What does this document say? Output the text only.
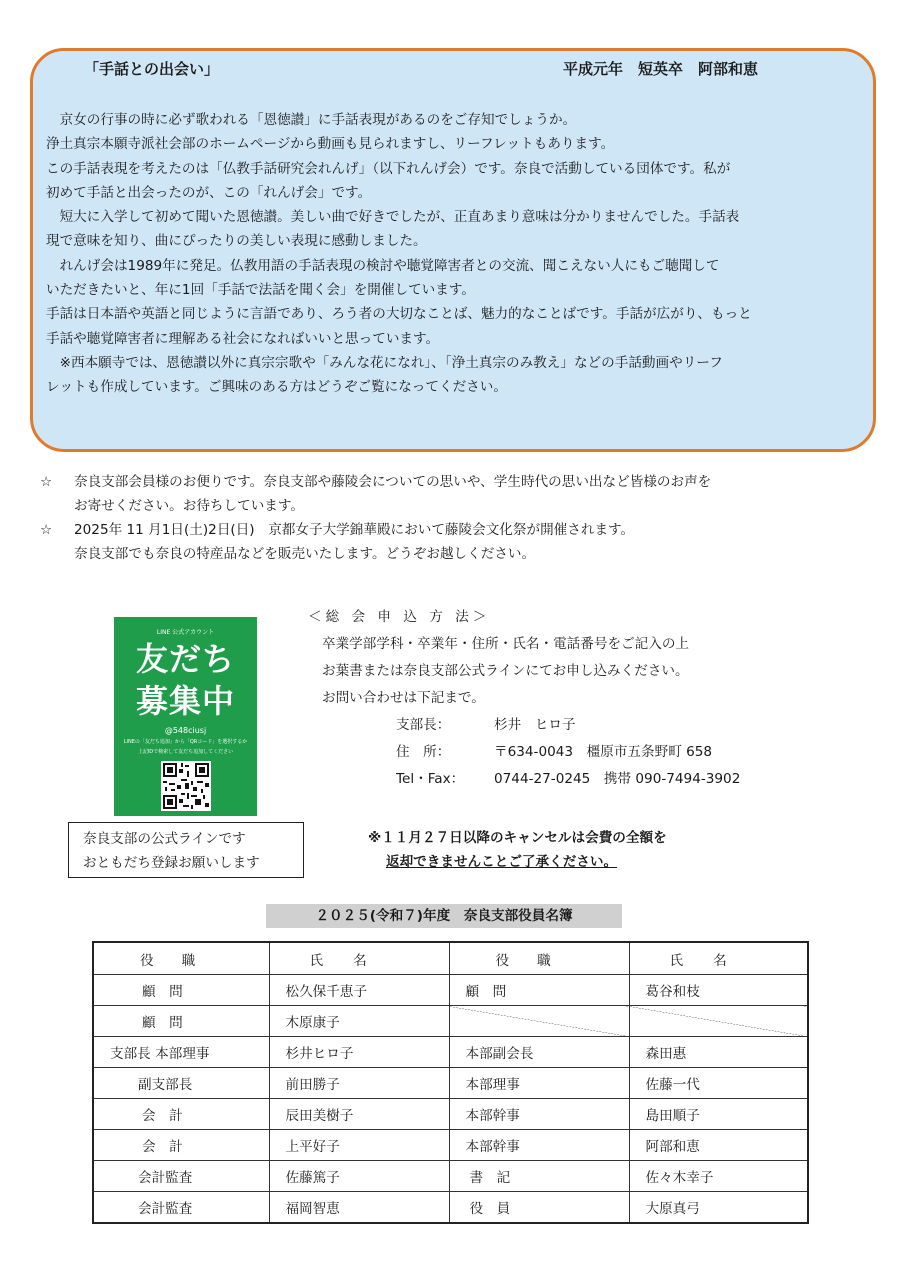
「手話との出会い」	平成元年　短英卒　阿部和恵

京女の行事の時に必ず歌われる「恩徳讃」に手話表現があるのをご存知でしょうか。

浄土真宗本願寺派社会部のホームページから動画も見られますし、リーフレットもあります。

この手話表現を考えたのは「仏教手話研究会れんげ」（以下れんげ会）です。奈良で活動している団体です。私が

初めて手話と出会ったのが、この「れんげ会」です。

短大に入学して初めて聞いた恩徳讃。美しい曲で好きでしたが、正直あまり意味は分かりませんでした。手話表

現で意味を知り、曲にぴったりの美しい表現に感動しました。

れんげ会は1989年に発足。仏教用語の手話表現の検討や聴覚障害者との交流、聞こえない人にもご聴聞して

いただきたいと、年に1回「手話で法話を聞く会」を開催しています。

手話は日本語や英語と同じように言語であり、ろう者の大切なことば、魅力的なことばです。手話が広がり、もっと

手話や聴覚障害者に理解ある社会になればいいと思っています。

※西本願寺では、恩徳讃以外に真宗宗歌や「みんな花になれ」、「浄土真宗のみ教え」などの手話動画やリーフ

レットも作成しています。ご興味のある方はどうぞご覧になってください。

☆ 奈良支部会員様のお便りです。奈良支部や藤陵会についての思いや、学生時代の思い出など皆様のお声を

お寄せください。お待ちしています。

☆ 2025年 11 月1日(土)2日(日)　京都女子大学錦華殿において藤陵会文化祭が開催されます。

奈良支部でも奈良の特産品などを販売いたします。どうぞお越しください。

LINE 公式アカウント
友だち
募集中
@548ciusj
LINEの「友だち追加」から「QRコード」を選択するか
上記IDで検索して友だち追加してください

奈良支部の公式ラインです

おともだち登録お願いします

＜総 会 申 込 方 法＞

卒業学部学科・卒業年・住所・氏名・電話番号をご記入の上

お葉書または奈良支部公式ラインにてお申し込みください。

お問い合わせは下記まで。

支部長：	杉井　ヒロ子

住　所：	〒634-0043　橿原市五条野町 658

Tel・Fax： 0744-27-0245　携帯 090-7494-3902

※１１月２７日以降のキャンセルは会費の全額を

返却できませんことご了承ください。

２０２５(令和７)年度　奈良支部役員名簿
役職	氏名	役職	氏名
顧　問	松久保千恵子	顧　問	葛谷和枝
顧　問	木原康子		
支部長 本部理事	杉井ヒロ子	本部副会長	森田惠
副支部長	前田勝子	本部理事	佐藤一代
会　計	辰田美樹子	本部幹事	島田順子
会　計	上平好子	本部幹事	阿部和恵
会計監査	佐藤篤子	書　記	佐々木幸子
会計監査	福岡智恵	役　員	大原真弓
